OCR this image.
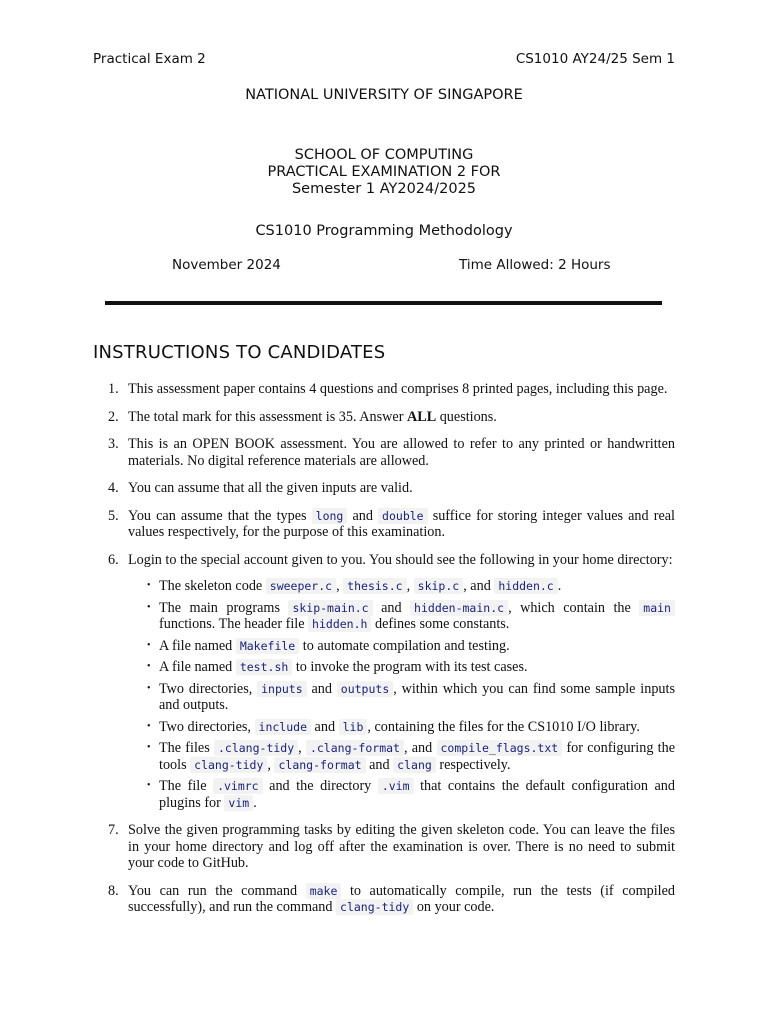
Practical Exam 2	CS1010 AY24/25 Sem 1
NATIONAL UNIVERSITY OF SINGAPORE
SCHOOL OF COMPUTING
PRACTICAL EXAMINATION 2 FOR
Semester 1 AY2024/2025
CS1010 Programming Methodology
November 2024	Time Allowed: 2 Hours
INSTRUCTIONS TO CANDIDATES
1. This assessment paper contains 4 questions and comprises 8 printed pages, including this page.
2. The total mark for this assessment is 35. Answer ALL questions.
3. This is an OPEN BOOK assessment. You are allowed to refer to any printed or handwritten materials. No digital reference materials are allowed.
4. You can assume that all the given inputs are valid.
5. You can assume that the types long and double suffice for storing integer values and real values respectively, for the purpose of this examination.
6. Login to the special account given to you. You should see the following in your home directory:
• The skeleton code sweeper.c , thesis.c , skip.c , and hidden.c .
• The main programs skip-main.c and hidden-main.c , which contain the main functions. The header file hidden.h defines some constants.
• A file named Makefile to automate compilation and testing.
• A file named test.sh to invoke the program with its test cases.
• Two directories, inputs and outputs , within which you can find some sample inputs and outputs.
• Two directories, include and lib , containing the files for the CS1010 I/O library.
• The files .clang-tidy , .clang-format , and compile_flags.txt for configuring the tools clang-tidy , clang-format and clang respectively.
• The file .vimrc and the directory .vim that contains the default configuration and plugins for vim .
7. Solve the given programming tasks by editing the given skeleton code. You can leave the files in your home directory and log off after the examination is over. There is no need to submit your code to GitHub.
8. You can run the command make to automatically compile, run the tests (if compiled successfully), and run the command clang-tidy on your code.
